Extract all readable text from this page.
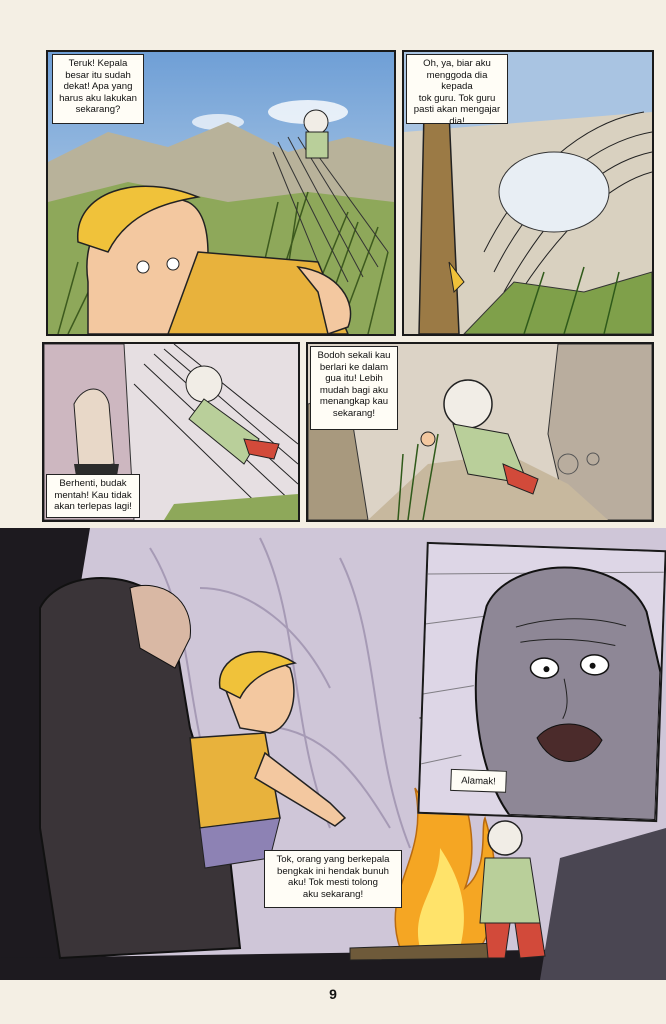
Teruk! Kepala
besar itu sudah
dekat! Apa yang
harus aku lakukan
sekarang?
Oh, ya, biar aku
menggoda dia kepada
tok guru. Tok guru
pasti akan mengajar
dia!
Berhenti, budak
mentah! Kau tidak
akan terlepas lagi!
Bodoh sekali kau
berlari ke dalam
gua itu! Lebih
mudah bagi aku
menangkap kau
sekarang!
Alamak!
Tok, orang yang berkepala
bengkak ini hendak bunuh
aku! Tok mesti tolong
aku sekarang!
9
